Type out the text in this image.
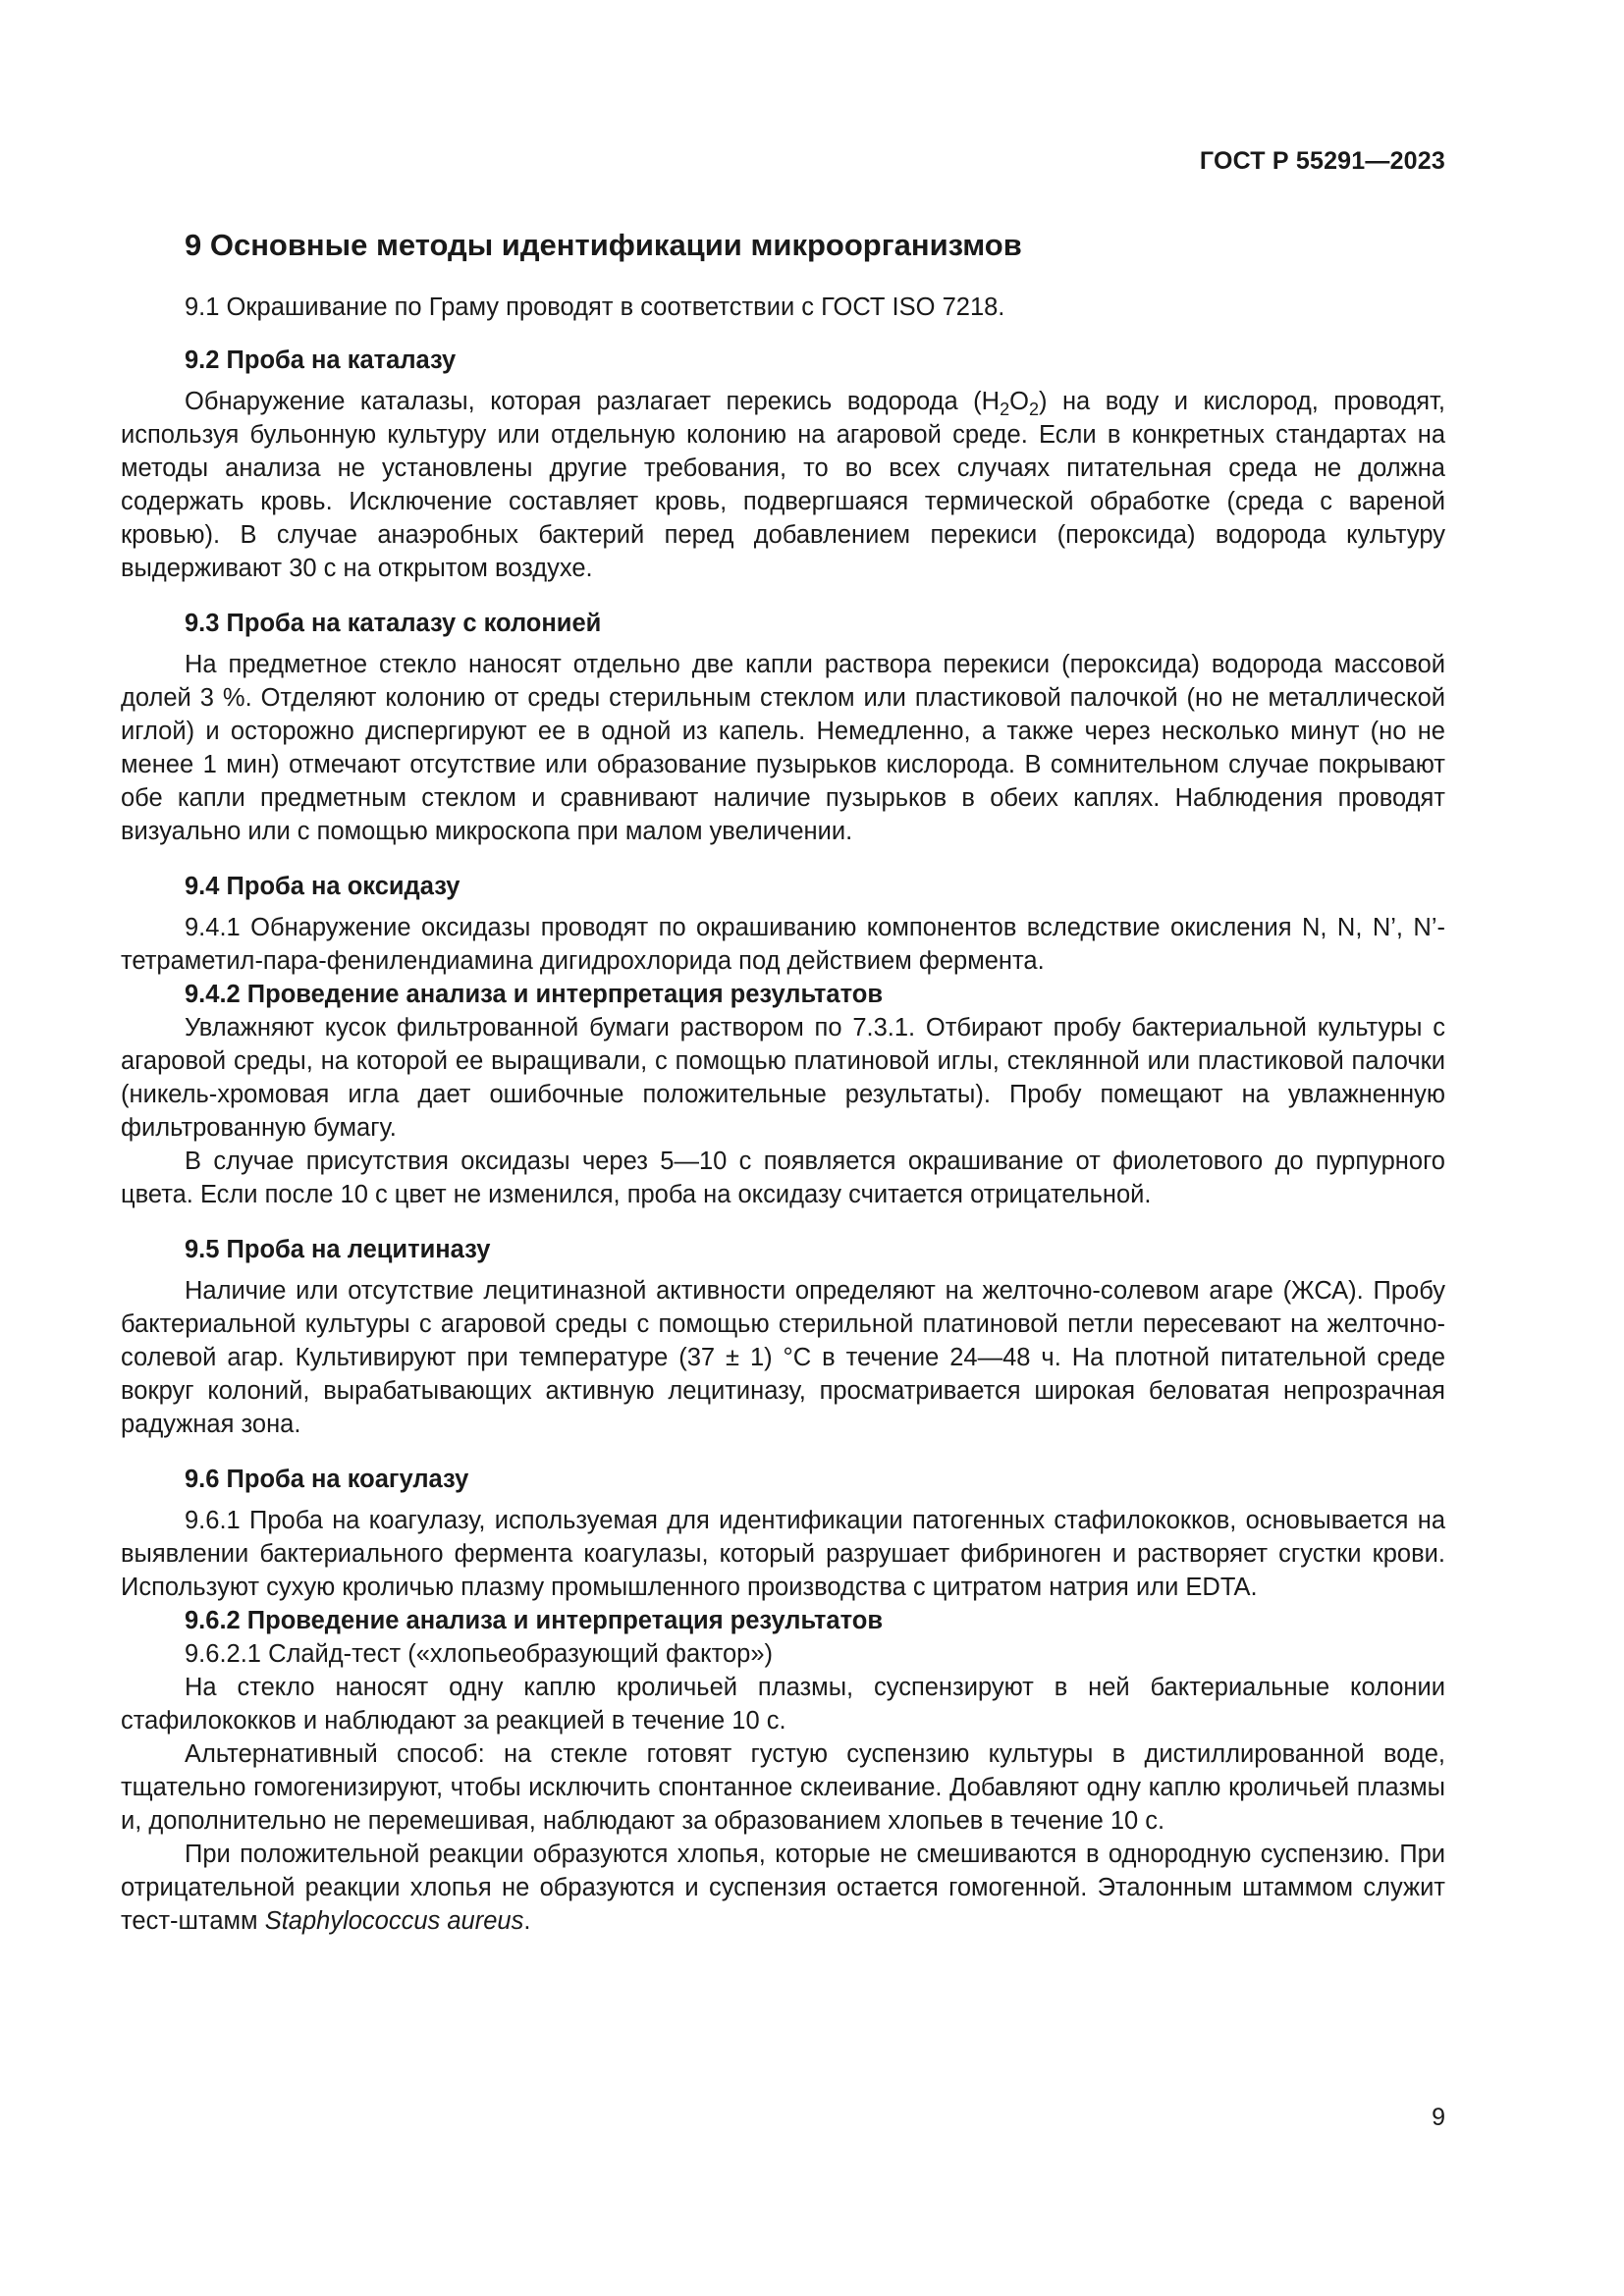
ГОСТ Р 55291—2023
9 Основные методы идентификации микроорганизмов

9.1 Окрашивание по Граму проводят в соответствии с ГОСТ ISO 7218.

9.2 Проба на каталазу

Обнаружение каталазы, которая разлагает перекись водорода $(H_2O_2)$ на воду и кислород, проводят, используя бульонную культуру или отдельную колонию на агаровой среде. Если в конкретных стандартах на методы анализа не установлены другие требования, то во всех случаях питательная среда не должна содержать кровь. Исключение составляет кровь, подвергшаяся термической обработке (среда с вареной кровью). В случае анаэробных бактерий перед добавлением перекиси (пероксида) водорода культуру выдерживают 30 с на открытом воздухе.

9.3 Проба на каталазу с колонией

На предметное стекло наносят отдельно две капли раствора перекиси (пероксида) водорода массовой долей 3 %. Отделяют колонию от среды стерильным стеклом или пластиковой палочкой (но не металлической иглой) и осторожно диспергируют ее в одной из капель. Немедленно, а также через несколько минут (но не менее 1 мин) отмечают отсутствие или образование пузырьков кислорода. В сомнительном случае покрывают обе капли предметным стеклом и сравнивают наличие пузырьков в обеих каплях. Наблюдения проводят визуально или с помощью микроскопа при малом увеличении.

9.4 Проба на оксидазу

9.4.1 Обнаружение оксидазы проводят по окрашиванию компонентов вследствие окисления N, N, N’, N’-тетраметил-пара-фенилендиамина дигидрохлорида под действием фермента.

9.4.2 Проведение анализа и интерпретация результатов

Увлажняют кусок фильтрованной бумаги раствором по 7.3.1. Отбирают пробу бактериальной культуры с агаровой среды, на которой ее выращивали, с помощью платиновой иглы, стеклянной или пластиковой палочки (никель-хромовая игла дает ошибочные положительные результаты). Пробу помещают на увлажненную фильтрованную бумагу.

В случае присутствия оксидазы через 5—10 с появляется окрашивание от фиолетового до пурпурного цвета. Если после 10 с цвет не изменился, проба на оксидазу считается отрицательной.

9.5 Проба на лецитиназу

Наличие или отсутствие лецитиназной активности определяют на желточно-солевом агаре (ЖСА). Пробу бактериальной культуры с агаровой среды с помощью стерильной платиновой петли пересевают на желточно-солевой агар. Культивируют при температуре (37 ± 1) °С в течение 24—48 ч. На плотной питательной среде вокруг колоний, вырабатывающих активную лецитиназу, просматривается широкая беловатая непрозрачная радужная зона.

9.6 Проба на коагулазу

9.6.1 Проба на коагулазу, используемая для идентификации патогенных стафилококков, основывается на выявлении бактериального фермента коагулазы, который разрушает фибриноген и растворяет сгустки крови. Используют сухую кроличью плазму промышленного производства с цитратом натрия или EDTA.

9.6.2 Проведение анализа и интерпретация результатов

9.6.2.1 Слайд-тест («хлопьеобразующий фактор»)

На стекло наносят одну каплю кроличьей плазмы, суспензируют в ней бактериальные колонии стафилококков и наблюдают за реакцией в течение 10 с.

Альтернативный способ: на стекле готовят густую суспензию культуры в дистиллированной воде, тщательно гомогенизируют, чтобы исключить спонтанное склеивание. Добавляют одну каплю кроличьей плазмы и, дополнительно не перемешивая, наблюдают за образованием хлопьев в течение 10 с.

При положительной реакции образуются хлопья, которые не смешиваются в однородную суспензию. При отрицательной реакции хлопья не образуются и суспензия остается гомогенной. Эталонным штаммом служит тест-штамм Staphylococcus aureus.

9
